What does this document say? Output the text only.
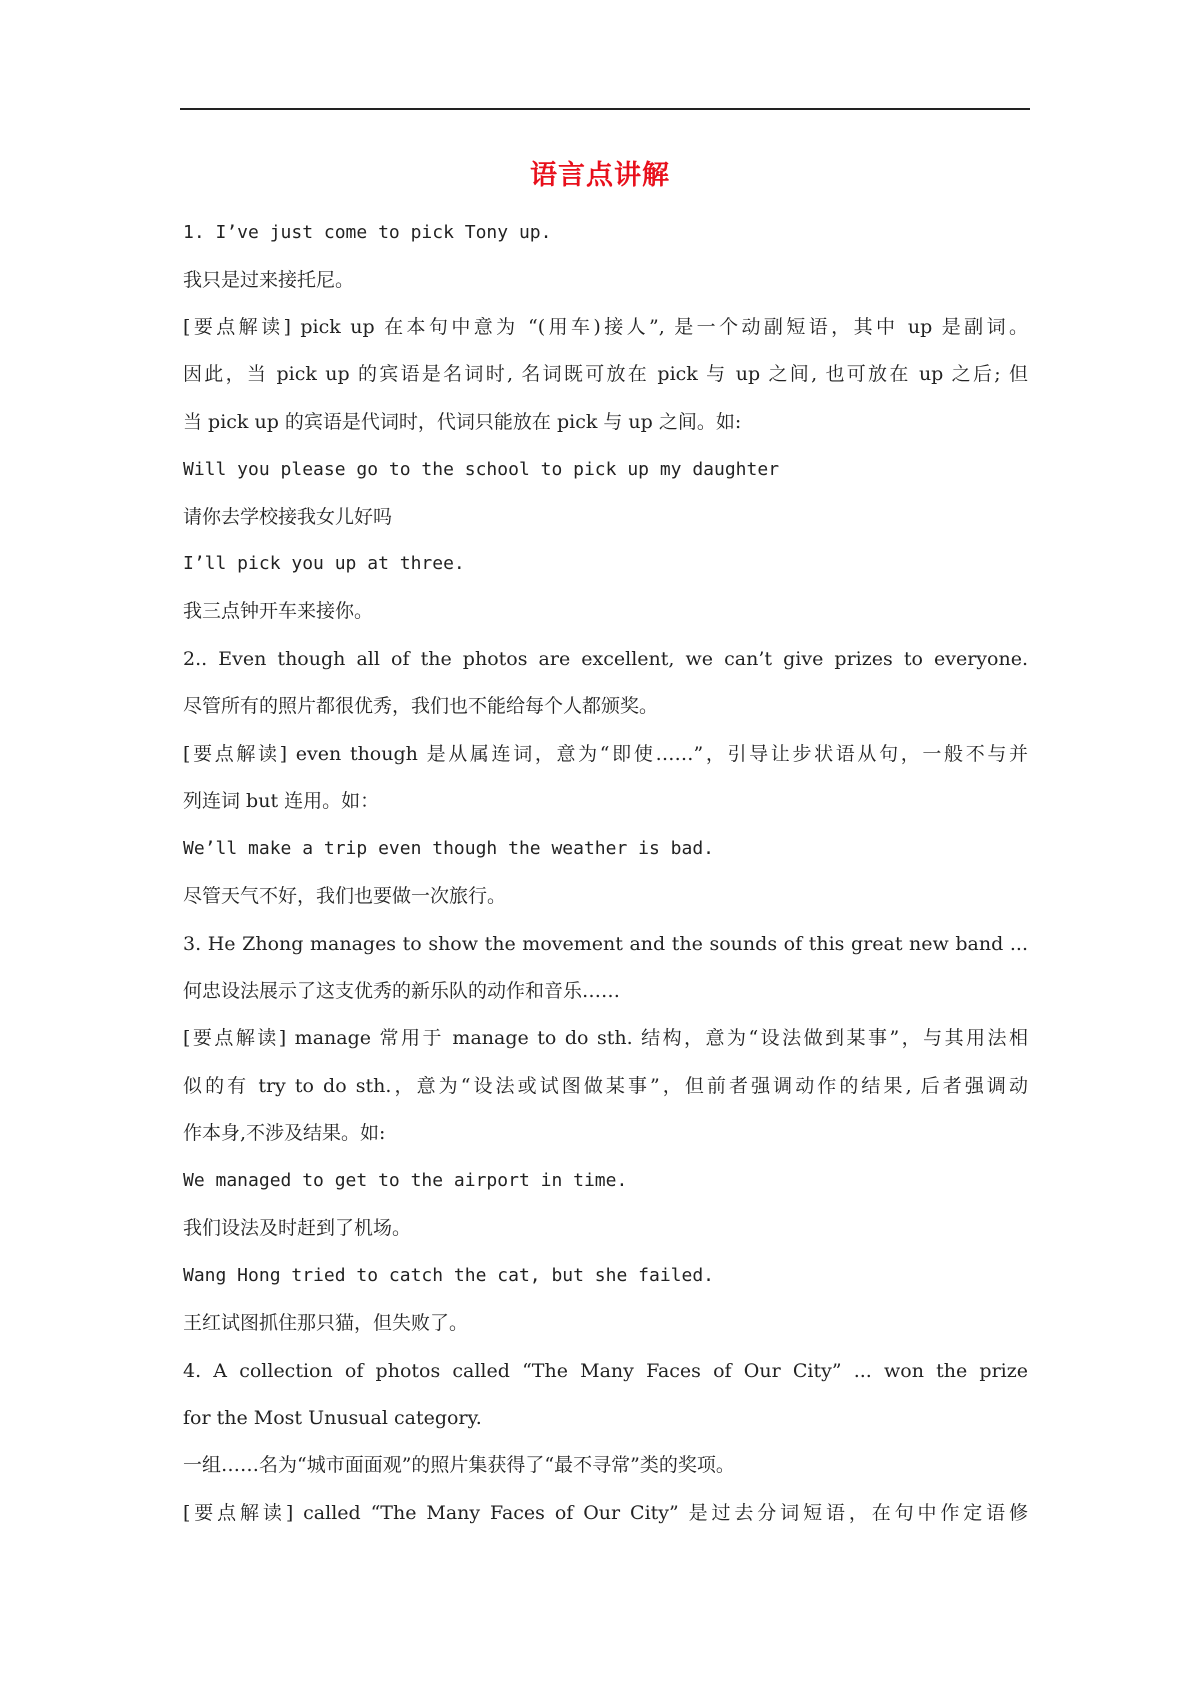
语言点讲解
1. I’ve just come to pick Tony up.
我只是过来接托尼。
[要点解读] pick up 在本句中意为 “(用车)接人”, 是一个动副短语，其中 up 是副词。
因此，当 pick up 的宾语是名词时, 名词既可放在 pick 与 up 之间, 也可放在 up 之后; 但
当 pick up 的宾语是代词时，代词只能放在 pick 与 up 之间。如:
Will you please go to the school to pick up my daughter
请你去学校接我女儿好吗
I’ll pick you up at three.
我三点钟开车来接你。
2.. Even though all of the photos are excellent, we can’t give prizes to everyone.
尽管所有的照片都很优秀，我们也不能给每个人都颁奖。
[要点解读] even though 是从属连词，意为“即使……”，引导让步状语从句，一般不与并
列连词 but 连用。如：
We’ll make a trip even though the weather is bad.
尽管天气不好，我们也要做一次旅行。
3. He Zhong manages to show the movement and the sounds of this great new band ...
何忠设法展示了这支优秀的新乐队的动作和音乐……
[要点解读] manage 常用于 manage to do sth. 结构，意为“设法做到某事”，与其用法相
似的有 try to do sth.，意为“设法或试图做某事”，但前者强调动作的结果, 后者强调动
作本身,不涉及结果。如:
We managed to get to the airport in time.
我们设法及时赶到了机场。
Wang Hong tried to catch the cat, but she failed.
王红试图抓住那只猫，但失败了。
4. A collection of photos called “The Many Faces of Our City” ... won the prize
for the Most Unusual category.
一组……名为“城市面面观”的照片集获得了“最不寻常”类的奖项。
[要点解读] called “The Many Faces of Our City” 是过去分词短语，在句中作定语修
